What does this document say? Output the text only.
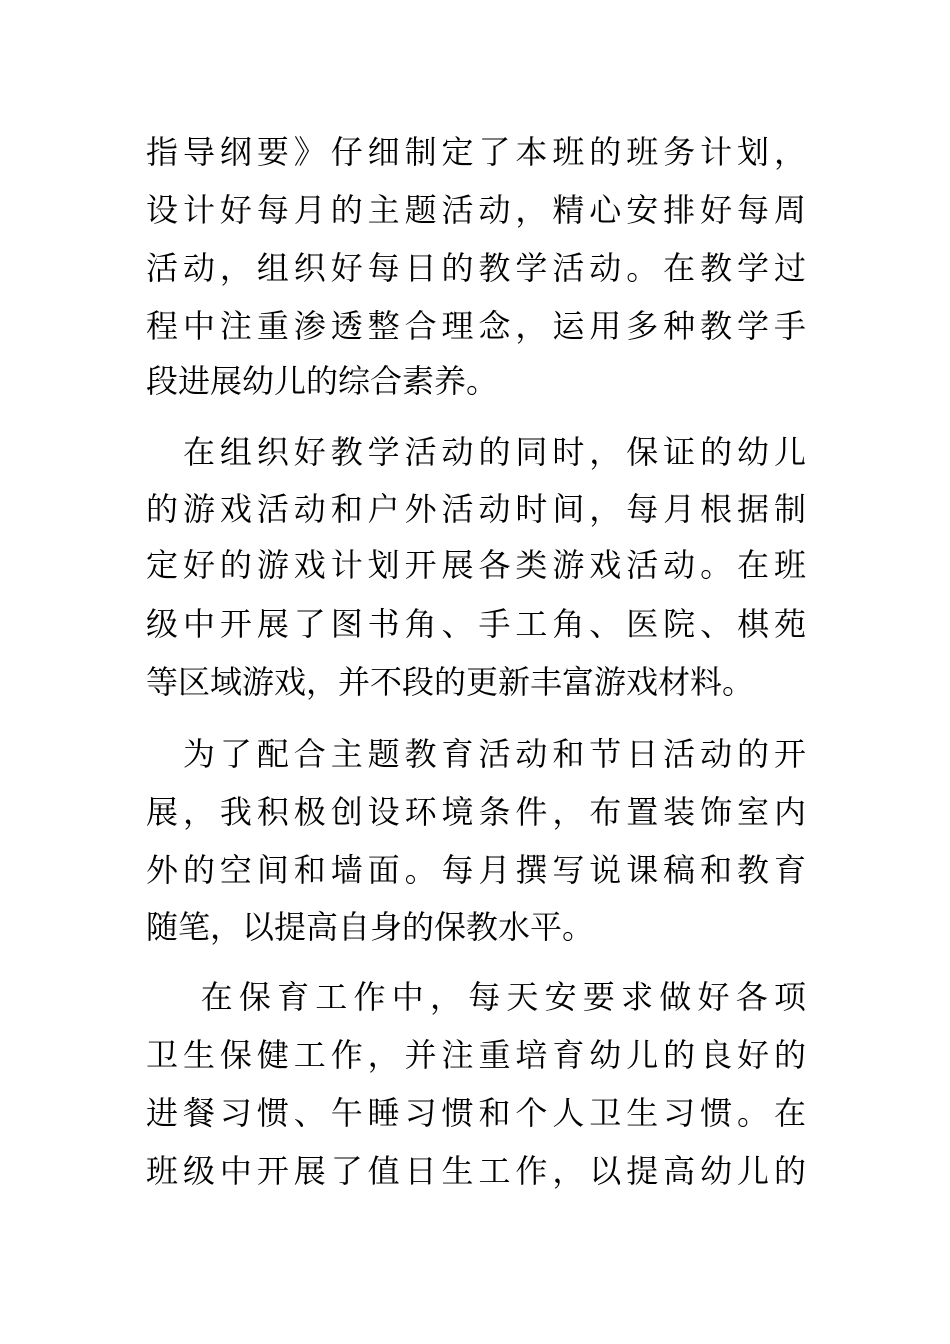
指导纲要》仔细制定了本班的班务计划，
设计好每月的主题活动，精心安排好每周
活动，组织好每日的教学活动。在教学过
程中注重渗透整合理念，运用多种教学手
段进展幼儿的综合素养。
　在组织好教学活动的同时，保证的幼儿
的游戏活动和户外活动时间，每月根据制
定好的游戏计划开展各类游戏活动。在班
级中开展了图书角、手工角、医院、棋苑
等区域游戏，并不段的更新丰富游戏材料。
　为了配合主题教育活动和节日活动的开
展，我积极创设环境条件，布置装饰室内
外的空间和墙面。每月撰写说课稿和教育
随笔，以提高自身的保教水平。
　 在保育工作中，每天安要求做好各项
卫生保健工作，并注重培育幼儿的良好的
进餐习惯、午睡习惯和个人卫生习惯。在
班级中开展了值日生工作，以提高幼儿的
